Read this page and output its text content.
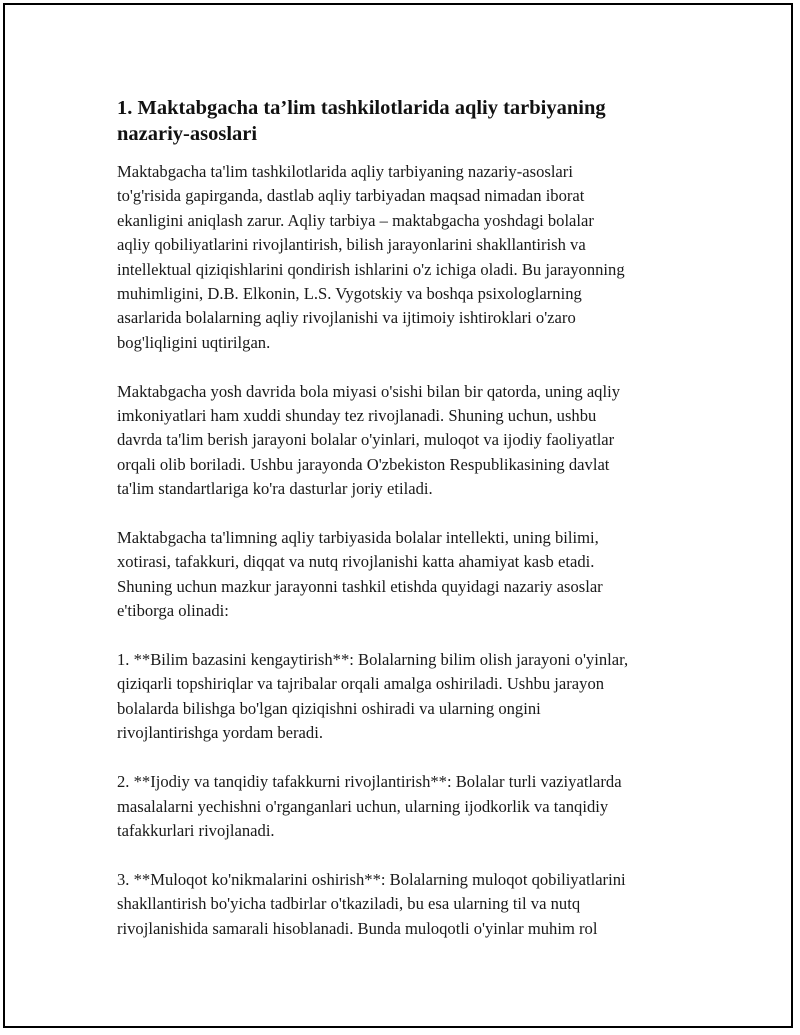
1. Maktabgacha ta’lim tashkilotlarida aqliy tarbiyaning
nazariy-asoslari

Maktabgacha ta'lim tashkilotlarida aqliy tarbiyaning nazariy-asoslari
to'g'risida gapirganda, dastlab aqliy tarbiyadan maqsad nimadan iborat
ekanligini aniqlash zarur. Aqliy tarbiya – maktabgacha yoshdagi bolalar
aqliy qobiliyatlarini rivojlantirish, bilish jarayonlarini shakllantirish va
intellektual qiziqishlarini qondirish ishlarini o'z ichiga oladi. Bu jarayonning
muhimligini, D.B. Elkonin, L.S. Vygotskiy va boshqa psixologlarning
asarlarida bolalarning aqliy rivojlanishi va ijtimoiy ishtiroklari o'zaro
bog'liqligini uqtirilgan.

Maktabgacha yosh davrida bola miyasi o'sishi bilan bir qatorda, uning aqliy
imkoniyatlari ham xuddi shunday tez rivojlanadi. Shuning uchun, ushbu
davrda ta'lim berish jarayoni bolalar o'yinlari, muloqot va ijodiy faoliyatlar
orqali olib boriladi. Ushbu jarayonda O'zbekiston Respublikasining davlat
ta'lim standartlariga ko'ra dasturlar joriy etiladi.

Maktabgacha ta'limning aqliy tarbiyasida bolalar intellekti, uning bilimi,
xotirasi, tafakkuri, diqqat va nutq rivojlanishi katta ahamiyat kasb etadi.
Shuning uchun mazkur jarayonni tashkil etishda quyidagi nazariy asoslar
e'tiborga olinadi:

1. **Bilim bazasini kengaytirish**: Bolalarning bilim olish jarayoni o'yinlar,
qiziqarli topshiriqlar va tajribalar orqali amalga oshiriladi. Ushbu jarayon
bolalarda bilishga bo'lgan qiziqishni oshiradi va ularning ongini
rivojlantirishga yordam beradi.

2. **Ijodiy va tanqidiy tafakkurni rivojlantirish**: Bolalar turli vaziyatlarda
masalalarni yechishni o'rganganlari uchun, ularning ijodkorlik va tanqidiy
tafakkurlari rivojlanadi.

3. **Muloqot ko'nikmalarini oshirish**: Bolalarning muloqot qobiliyatlarini
shakllantirish bo'yicha tadbirlar o'tkaziladi, bu esa ularning til va nutq
rivojlanishida samarali hisoblanadi. Bunda muloqotli o'yinlar muhim rol
